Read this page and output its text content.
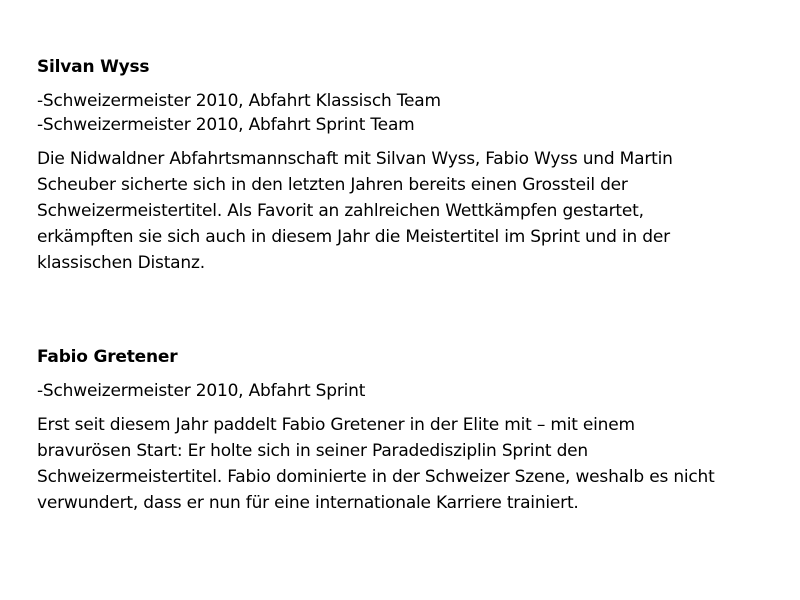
Silvan Wyss

-Schweizermeister 2010, Abfahrt Klassisch Team

-Schweizermeister 2010, Abfahrt Sprint Team

Die Nidwaldner Abfahrtsmannschaft mit Silvan Wyss, Fabio Wyss und Martin
Scheuber sicherte sich in den letzten Jahren bereits einen Grossteil der
Schweizermeistertitel. Als Favorit an zahlreichen Wettkämpfen gestartet,
erkämpften sie sich auch in diesem Jahr die Meistertitel im Sprint und in der
klassischen Distanz.

Fabio Gretener

-Schweizermeister 2010, Abfahrt Sprint

Erst seit diesem Jahr paddelt Fabio Gretener in der Elite mit – mit einem
bravurösen Start: Er holte sich in seiner Paradedisziplin Sprint den
Schweizermeistertitel. Fabio dominierte in der Schweizer Szene, weshalb es nicht
verwundert, dass er nun für eine internationale Karriere trainiert.
